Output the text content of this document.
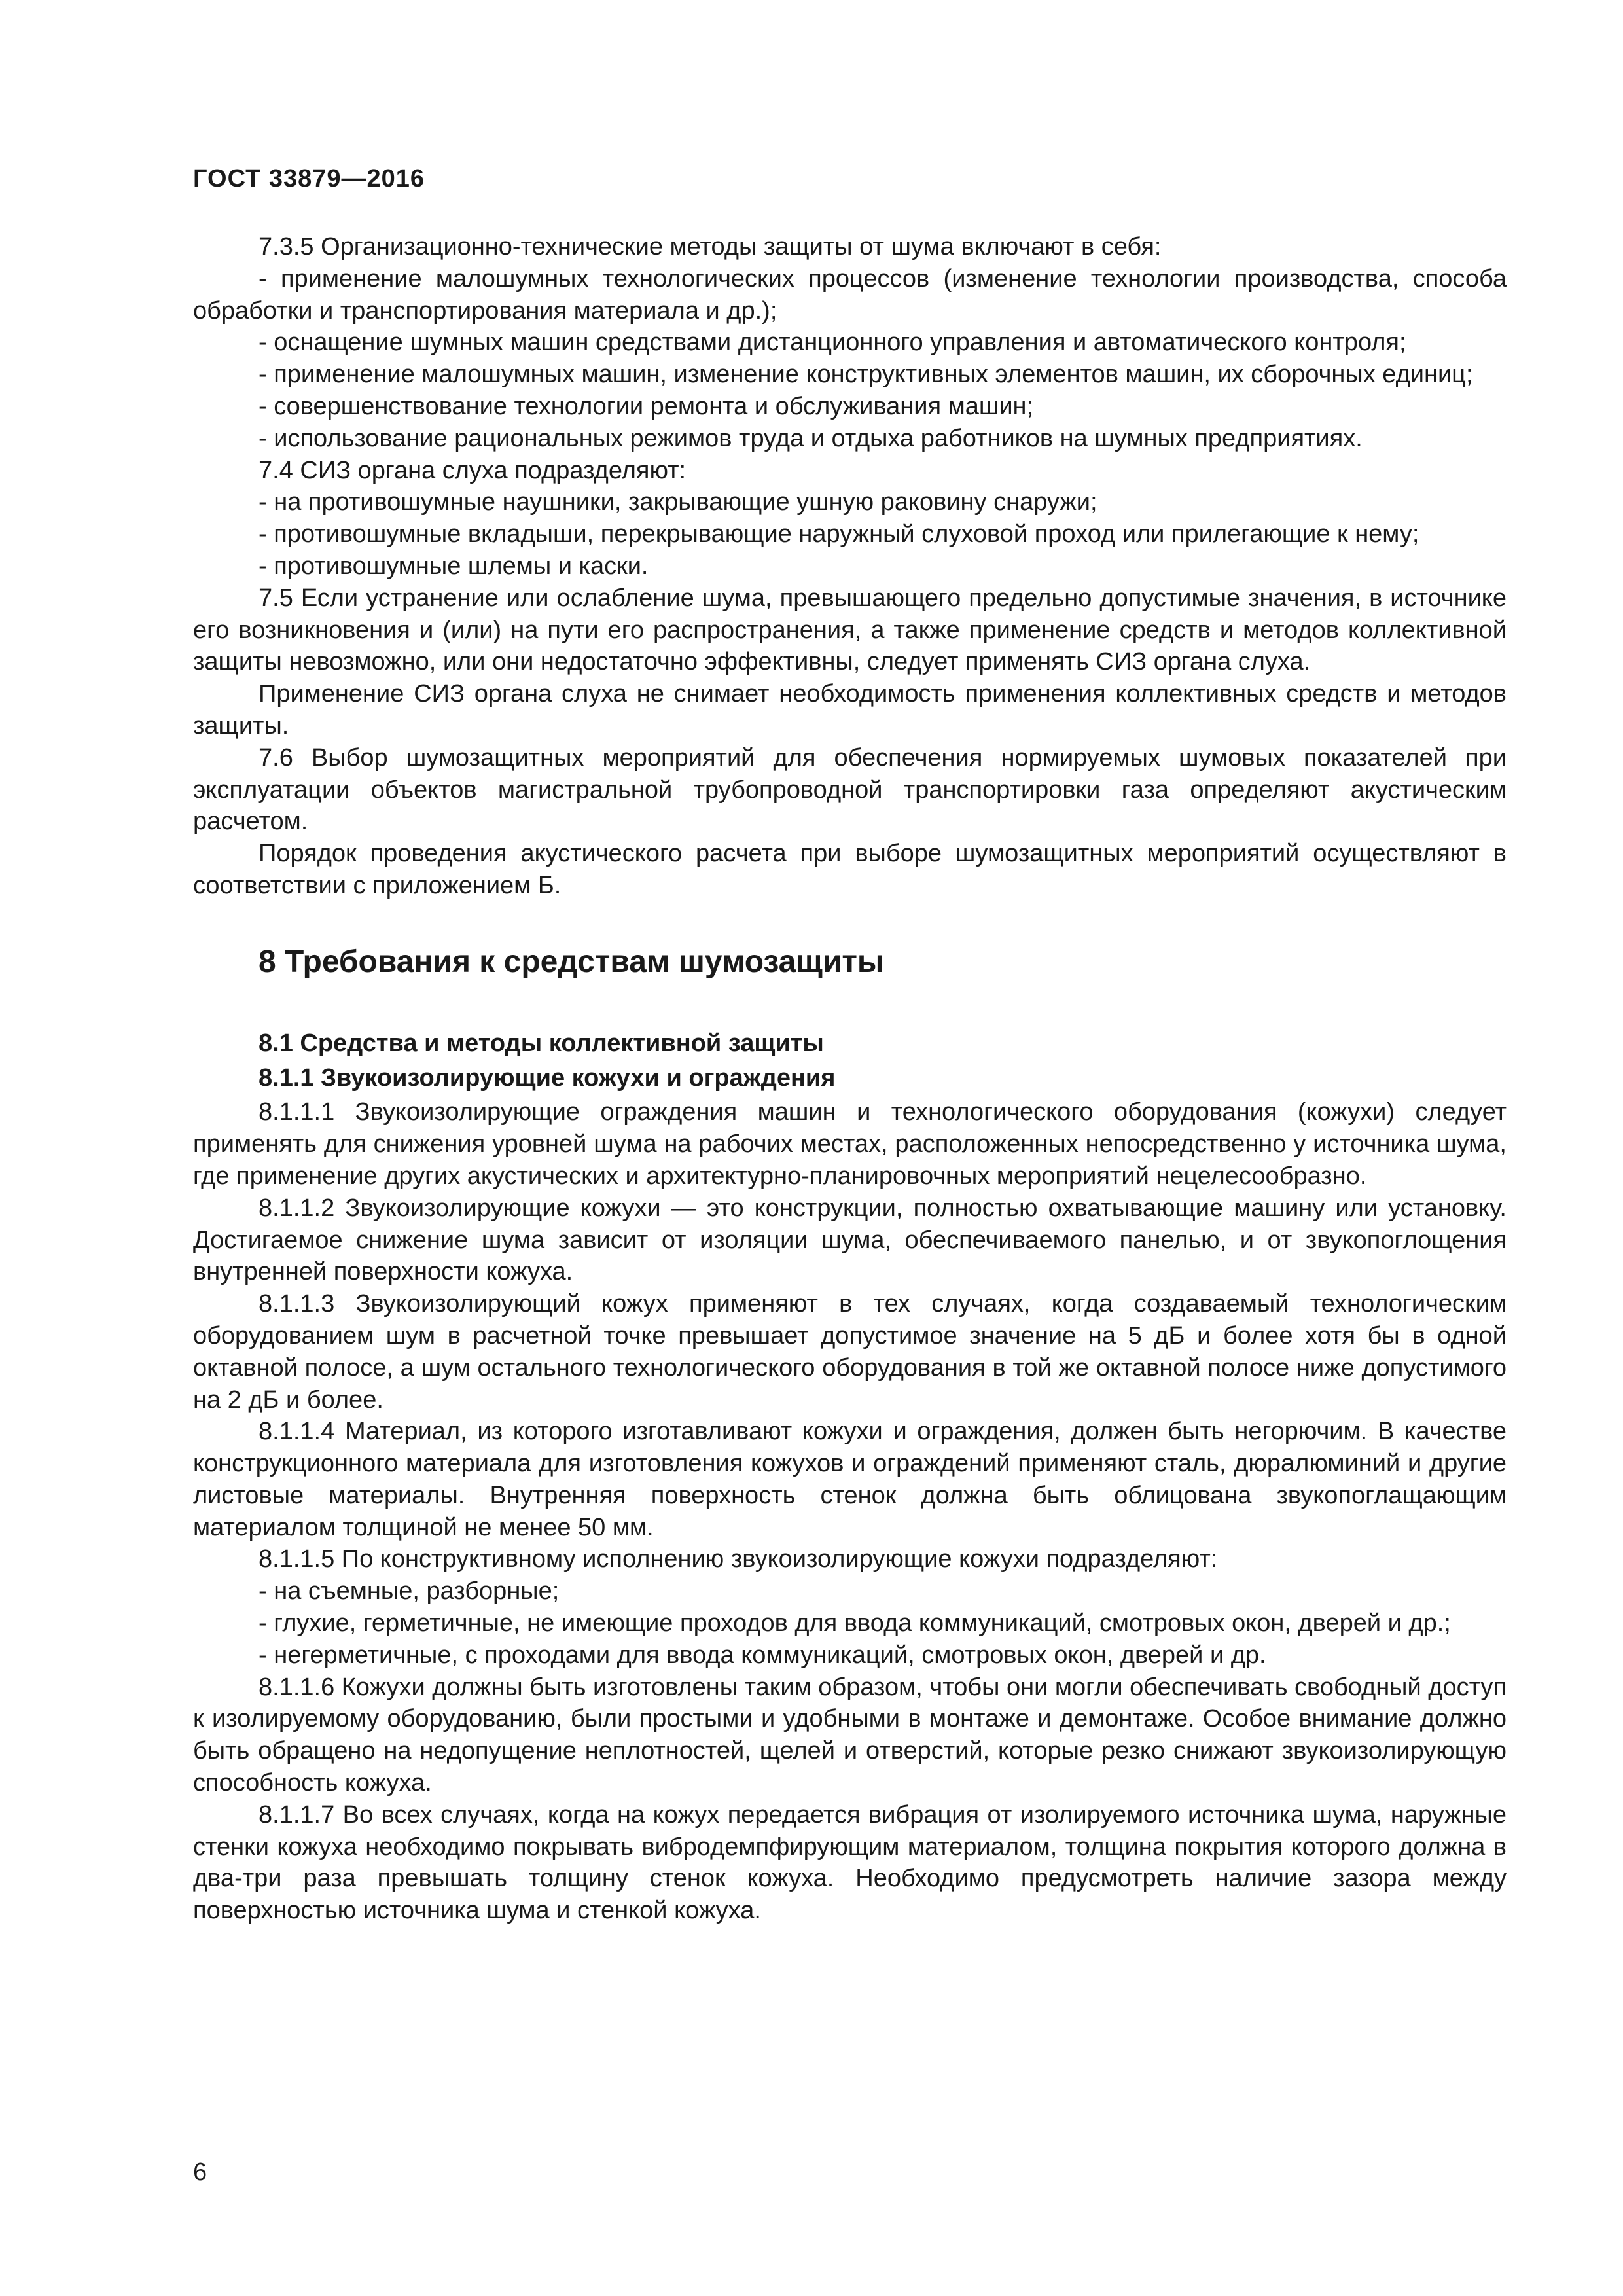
ГОСТ 33879—2016

7.3.5 Организационно-технические методы защиты от шума включают в себя:

- применение малошумных технологических процессов (изменение технологии производства, способа обработки и транспортирования материала и др.);

- оснащение шумных машин средствами дистанционного управления и автоматического контроля;

- применение малошумных машин, изменение конструктивных элементов машин, их сборочных единиц;

- совершенствование технологии ремонта и обслуживания машин;

- использование рациональных режимов труда и отдыха работников на шумных предприятиях.

7.4 СИЗ органа слуха подразделяют:

- на противошумные наушники, закрывающие ушную раковину снаружи;

- противошумные вкладыши, перекрывающие наружный слуховой проход или прилегающие к нему;

- противошумные шлемы и каски.

7.5 Если устранение или ослабление шума, превышающего предельно допустимые значения, в источнике его возникновения и (или) на пути его распространения, а также применение средств и методов коллективной защиты невозможно, или они недостаточно эффективны, следует применять СИЗ органа слуха.

Применение СИЗ органа слуха не снимает необходимость применения коллективных средств и методов защиты.

7.6 Выбор шумозащитных мероприятий для обеспечения нормируемых шумовых показателей при эксплуатации объектов магистральной трубопроводной транспортировки газа определяют акустическим расчетом.

Порядок проведения акустического расчета при выборе шумозащитных мероприятий осуществляют в соответствии с приложением Б.

8 Требования к средствам шумозащиты

8.1 Средства и методы коллективной защиты

8.1.1 Звукоизолирующие кожухи и ограждения

8.1.1.1 Звукоизолирующие ограждения машин и технологического оборудования (кожухи) следует применять для снижения уровней шума на рабочих местах, расположенных непосредственно у источника шума, где применение других акустических и архитектурно-планировочных мероприятий нецелесообразно.

8.1.1.2 Звукоизолирующие кожухи — это конструкции, полностью охватывающие машину или установку. Достигаемое снижение шума зависит от изоляции шума, обеспечиваемого панелью, и от звукопоглощения внутренней поверхности кожуха.

8.1.1.3 Звукоизолирующий кожух применяют в тех случаях, когда создаваемый технологическим оборудованием шум в расчетной точке превышает допустимое значение на 5 дБ и более хотя бы в одной октавной полосе, а шум остального технологического оборудования в той же октавной полосе ниже допустимого на 2 дБ и более.

8.1.1.4 Материал, из которого изготавливают кожухи и ограждения, должен быть негорючим. В качестве конструкционного материала для изготовления кожухов и ограждений применяют сталь, дюралюминий и другие листовые материалы. Внутренняя поверхность стенок должна быть облицована звукопоглащающим материалом толщиной не менее 50 мм.

8.1.1.5 По конструктивному исполнению звукоизолирующие кожухи подразделяют:

- на съемные, разборные;

- глухие, герметичные, не имеющие проходов для ввода коммуникаций, смотровых окон, дверей и др.;

- негерметичные, с проходами для ввода коммуникаций, смотровых окон, дверей и др.

8.1.1.6 Кожухи должны быть изготовлены таким образом, чтобы они могли обеспечивать свободный доступ к изолируемому оборудованию, были простыми и удобными в монтаже и демонтаже. Особое внимание должно быть обращено на недопущение неплотностей, щелей и отверстий, которые резко снижают звукоизолирующую способность кожуха.

8.1.1.7 Во всех случаях, когда на кожух передается вибрация от изолируемого источника шума, наружные стенки кожуха необходимо покрывать вибродемпфирующим материалом, толщина покрытия которого должна в два-три раза превышать толщину стенок кожуха. Необходимо предусмотреть наличие зазора между поверхностью источника шума и стенкой кожуха.

6
